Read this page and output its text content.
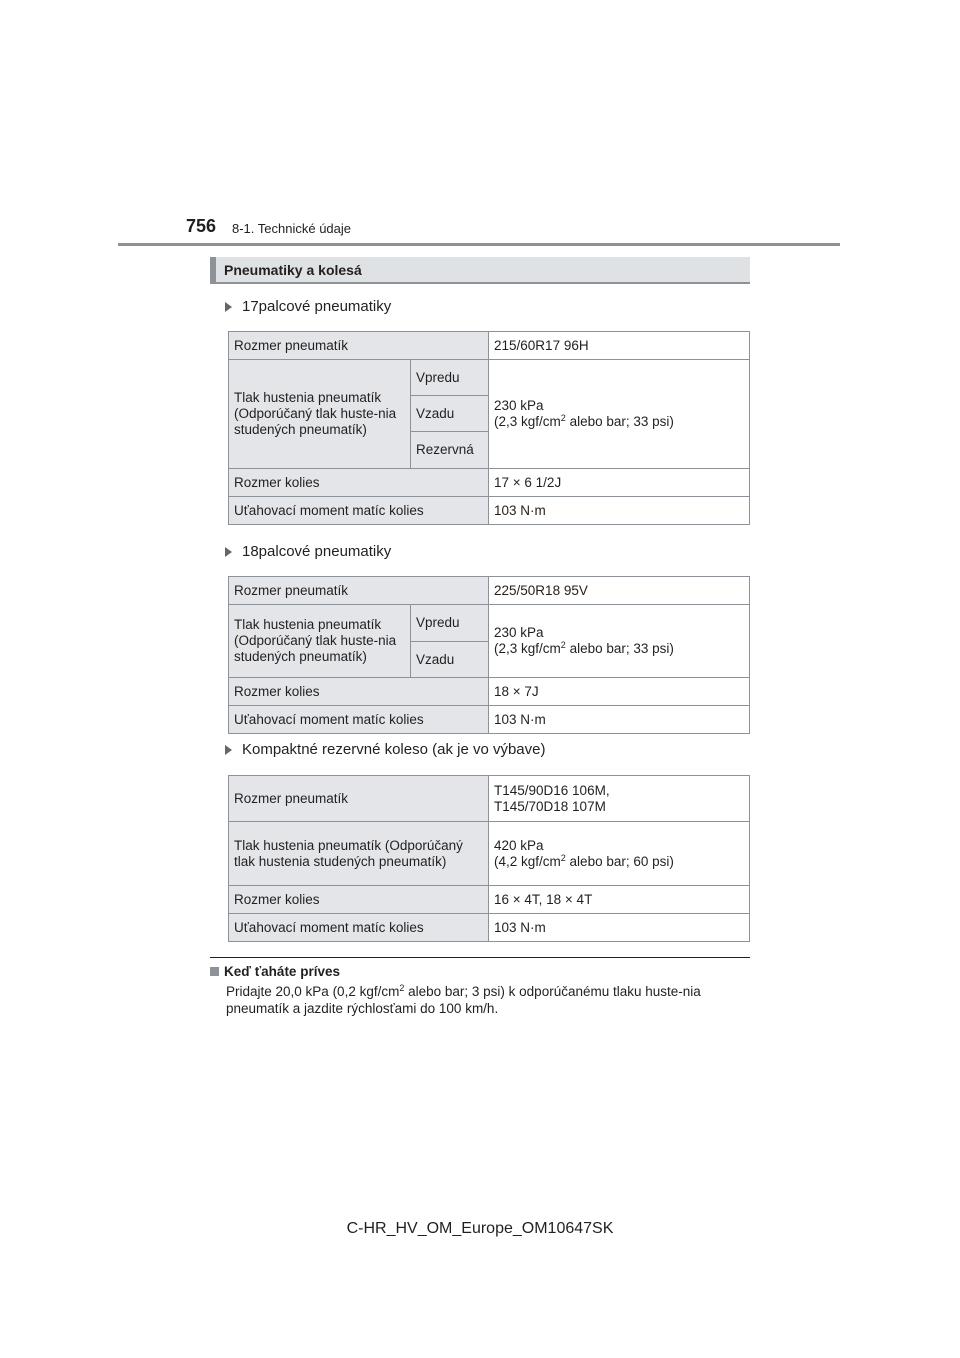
756 8-1. Technické údaje
Pneumatiky a kolesá
17palcové pneumatiky
Rozmer pneumatík		215/60R17 96H
Tlak hustenia pneumatík (Odporúčaný tlak huste-nia studených pneumatík)	Vpredu	230 kPa
(2,3 kgf/$cm^2$ alebo bar; 33 psi)
	Vzadu	
	Rezervná	
Rozmer kolies		17 × 6 1/2J
Uťahovací moment matíc kolies		103 N·m
18palcové pneumatiky
Rozmer pneumatík		225/50R18 95V
Tlak hustenia pneumatík (Odporúčaný tlak huste-nia studených pneumatík)	Vpredu	230 kPa
(2,3 kgf/$cm^2$ alebo bar; 33 psi)
	Vzadu	
Rozmer kolies		18 × 7J
Uťahovací moment matíc kolies		103 N·m
Kompaktné rezervné koleso (ak je vo výbave)
Rozmer pneumatík	T145/90D16 106M,
T145/70D18 107M
Tlak hustenia pneumatík (Odporúčaný tlak hustenia studených pneumatík)	420 kPa
(4,2 kgf/$cm^2$ alebo bar; 60 psi)
Rozmer kolies	16 × 4T, 18 × 4T
Uťahovací moment matíc kolies	103 N·m
Keď ťaháte príves
Pridajte 20,0 kPa (0,2 kgf/$cm^2$ alebo bar; 3 psi) k odporúčanému tlaku huste-nia pneumatík a jazdite rýchlosťami do 100 km/h.
C-HR_HV_OM_Europe_OM10647SK
